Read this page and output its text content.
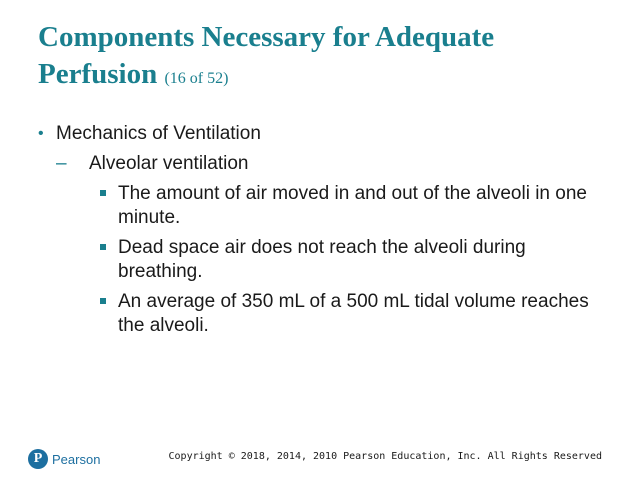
Components Necessary for Adequate Perfusion (16 of 52)
• Mechanics of Ventilation
– Alveolar ventilation
The amount of air moved in and out of the alveoli in one minute.
Dead space air does not reach the alveoli during breathing.
An average of 350 mL of a 500 mL tidal volume reaches the alveoli.
P Pearson	Copyright © 2018, 2014, 2010 Pearson Education, Inc. All Rights Reserved
